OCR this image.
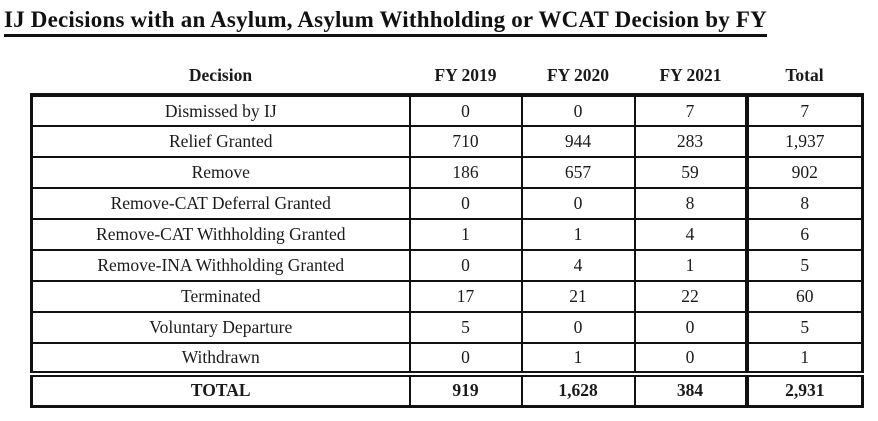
IJ Decisions with an Asylum, Asylum Withholding or WCAT Decision by FY
Decision	FY 2019	FY 2020	FY 2021	Total
Dismissed by IJ	0	0	7	7
Relief Granted	710	944	283	1,937
Remove	186	657	59	902
Remove-CAT Deferral Granted	0	0	8	8
Remove-CAT Withholding Granted	1	1	4	6
Remove-INA Withholding Granted	0	4	1	5
Terminated	17	21	22	60
Voluntary Departure	5	0	0	5
Withdrawn	0	1	0	1
TOTAL	919	1,628	384	2,931
